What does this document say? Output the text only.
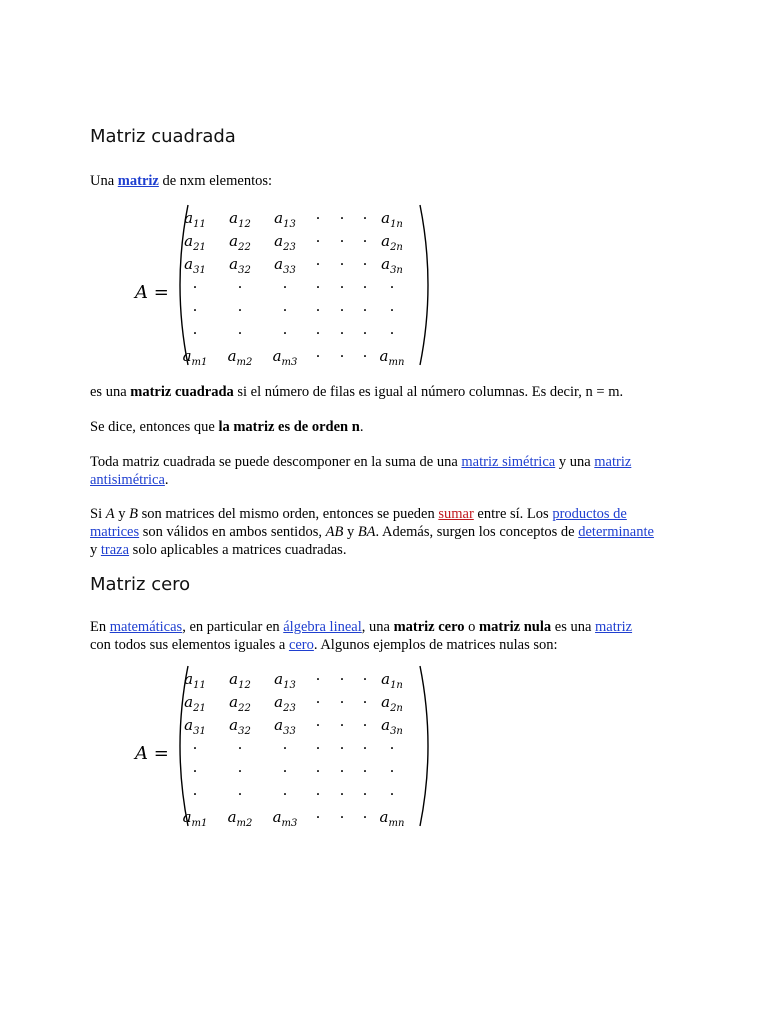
Matriz cuadrada

Una matriz de nxm elementos:

A =
$a_{11}$ $a_{12}$ $a_{13}$ · · · $a_{1n}$
$a_{21}$ $a_{22}$ $a_{23}$ · · · $a_{2n}$
$a_{31}$ $a_{32}$ $a_{33}$ · · · $a_{3n}$
·	·	· · · · ·
·	·	· · · · ·
·	·	· · · · ·
$a_{m1}$ $a_{m2}$ $a_{m3}$ · · · $a_{mn}$

es una matriz cuadrada si el número de filas es igual al número columnas. Es decir, n = m.

Se dice, entonces que la matriz es de orden n.

Toda matriz cuadrada se puede descomponer en la suma de una matriz simétrica y una matriz
antisimétrica.

Si A y B son matrices del mismo orden, entonces se pueden sumar entre sí. Los productos de
matrices son válidos en ambos sentidos, AB y BA. Además, surgen los conceptos de determinante
y traza solo aplicables a matrices cuadradas.

Matriz cero

En matemáticas, en particular en álgebra lineal, una matriz cero o matriz nula es una matriz
con todos sus elementos iguales a cero. Algunos ejemplos de matrices nulas son:

A =
$a_{11}$ $a_{12}$ $a_{13}$ · · · $a_{1n}$
$a_{21}$ $a_{22}$ $a_{23}$ · · · $a_{2n}$
$a_{31}$ $a_{32}$ $a_{33}$ · · · $a_{3n}$
·	·	· · · · ·
·	·	· · · · ·
·	·	· · · · ·
$a_{m1}$ $a_{m2}$ $a_{m3}$ · · · $a_{mn}$
